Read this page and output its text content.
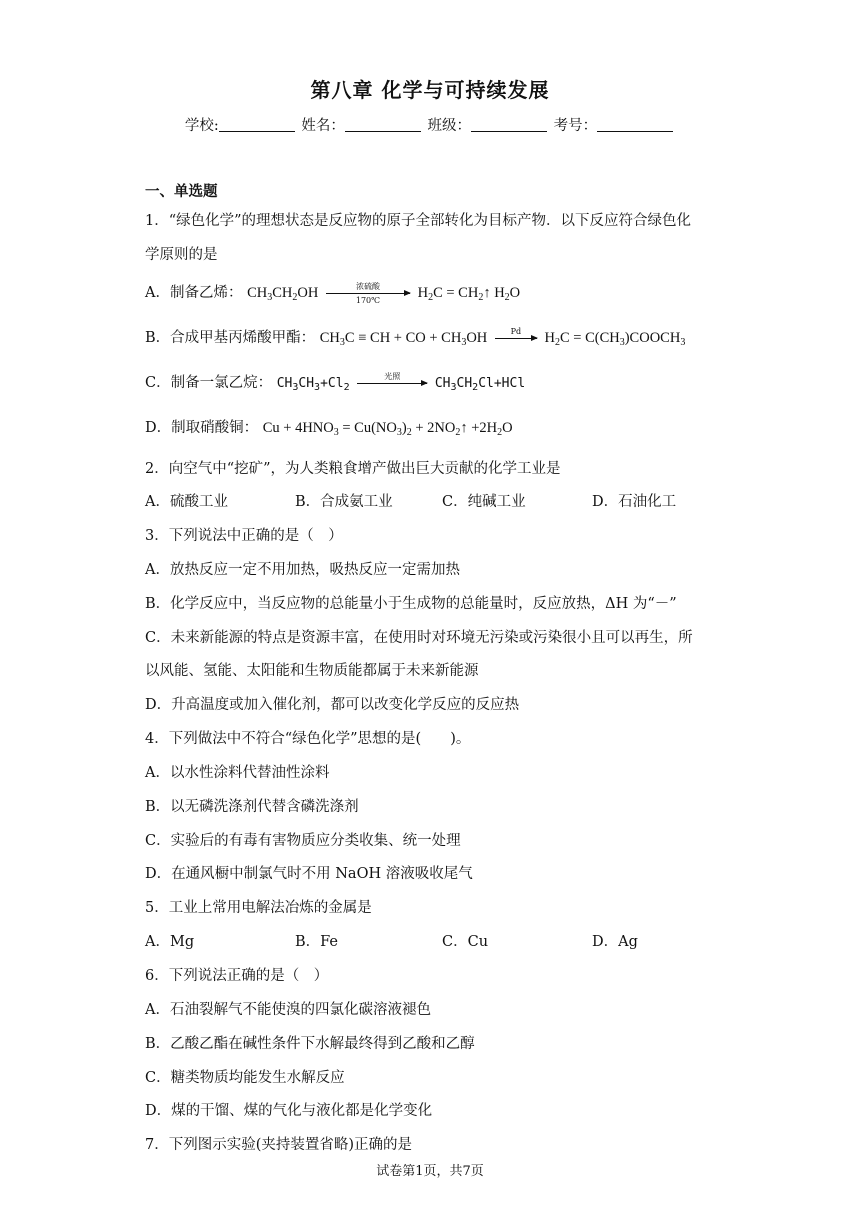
第八章 化学与可持续发展
学校:	姓名：	班级：	考号：
一、单选题
1．“绿色化学”的理想状态是反应物的原子全部转化为目标产物．以下反应符合绿色化
学原则的是
A．制备乙烯： $CH_3CH_2OH$	浓硫酸
170℃	$H_2C$ = $CH_2↑$ $H_2O$
B．合成甲基丙烯酸甲酯： $CH_3C$ ≡ CH + CO + $CH_3OH$	Pd	$H_2C$ = $C(CH_3)COOCH_3$
C．制备一氯乙烷： $CH_3CH_3+Cl_2$
光照	$CH_3CH_2Cl+HCl$
D．制取硝酸铜： $Cu + 4HNO_3 = Cu(NO_3)_2$ + $2NO_2↑ +2H_2O$
2．向空气中“挖矿”，为人类粮食增产做出巨大贡献的化学工业是
A．硫酸工业	B．合成氨工业	C．纯碱工业	D．石油化工
3．下列说法中正确的是（　）
A．放热反应一定不用加热，吸热反应一定需加热
B．化学反应中，当反应物的总能量小于生成物的总能量时，反应放热，ΔH 为“－”
C．未来新能源的特点是资源丰富，在使用时对环境无污染或污染很小且可以再生，所
以风能、氢能、太阳能和生物质能都属于未来新能源
D．升高温度或加入催化剂，都可以改变化学反应的反应热
4．下列做法中不符合“绿色化学”思想的是(　　)。
A．以水性涂料代替油性涂料
B．以无磷洗涤剂代替含磷洗涤剂
C．实验后的有毒有害物质应分类收集、统一处理
D．在通风橱中制氯气时不用 NaOH 溶液吸收尾气
5．工业上常用电解法冶炼的金属是
A．Mg	B．Fe	C．Cu	D．Ag
6．下列说法正确的是（　）
A．石油裂解气不能使溴的四氯化碳溶液褪色
B．乙酸乙酯在碱性条件下水解最终得到乙酸和乙醇
C．糖类物质均能发生水解反应
D．煤的干馏、煤的气化与液化都是化学变化
7．下列图示实验(夹持装置省略)正确的是
试卷第1页，共7页
